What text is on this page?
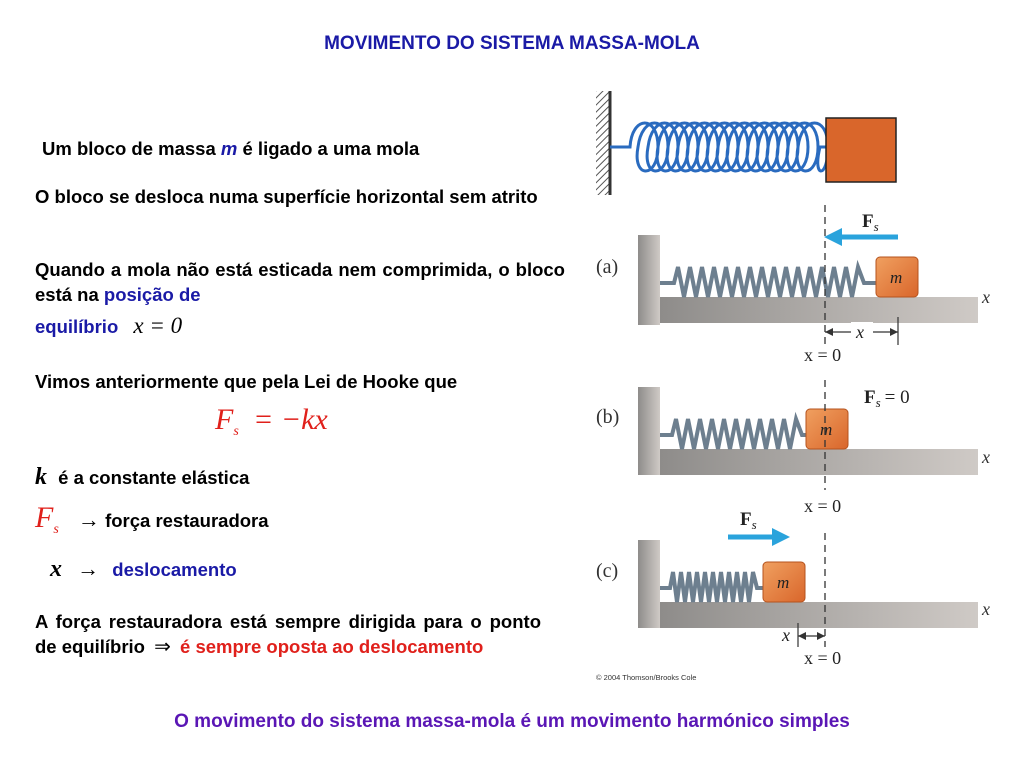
MOVIMENTO DO SISTEMA MASSA-MOLA
Um bloco de massa m é ligado a uma mola
O bloco se desloca numa superfície horizontal sem atrito
Quando a mola não está esticada nem comprimida, o bloco está na posição de
equilíbrio x = 0
Vimos anteriormente que pela Lei de Hooke que
$F_s = -kx$
k é a constante elástica
$F_s$ → força restauradora
x → deslocamento
A força restauradora está sempre dirigida para o ponto de equilíbrio ⇒ é sempre oposta ao deslocamento
O movimento do sistema massa-mola é um movimento harmónico simples
(a)	m
x
$F_s$
x
x = 0
(b)
m
x
$F_s = 0$
x = 0
(c)
m
x
$F_s$
x
x = 0
© 2004 Thomson/Brooks Cole
